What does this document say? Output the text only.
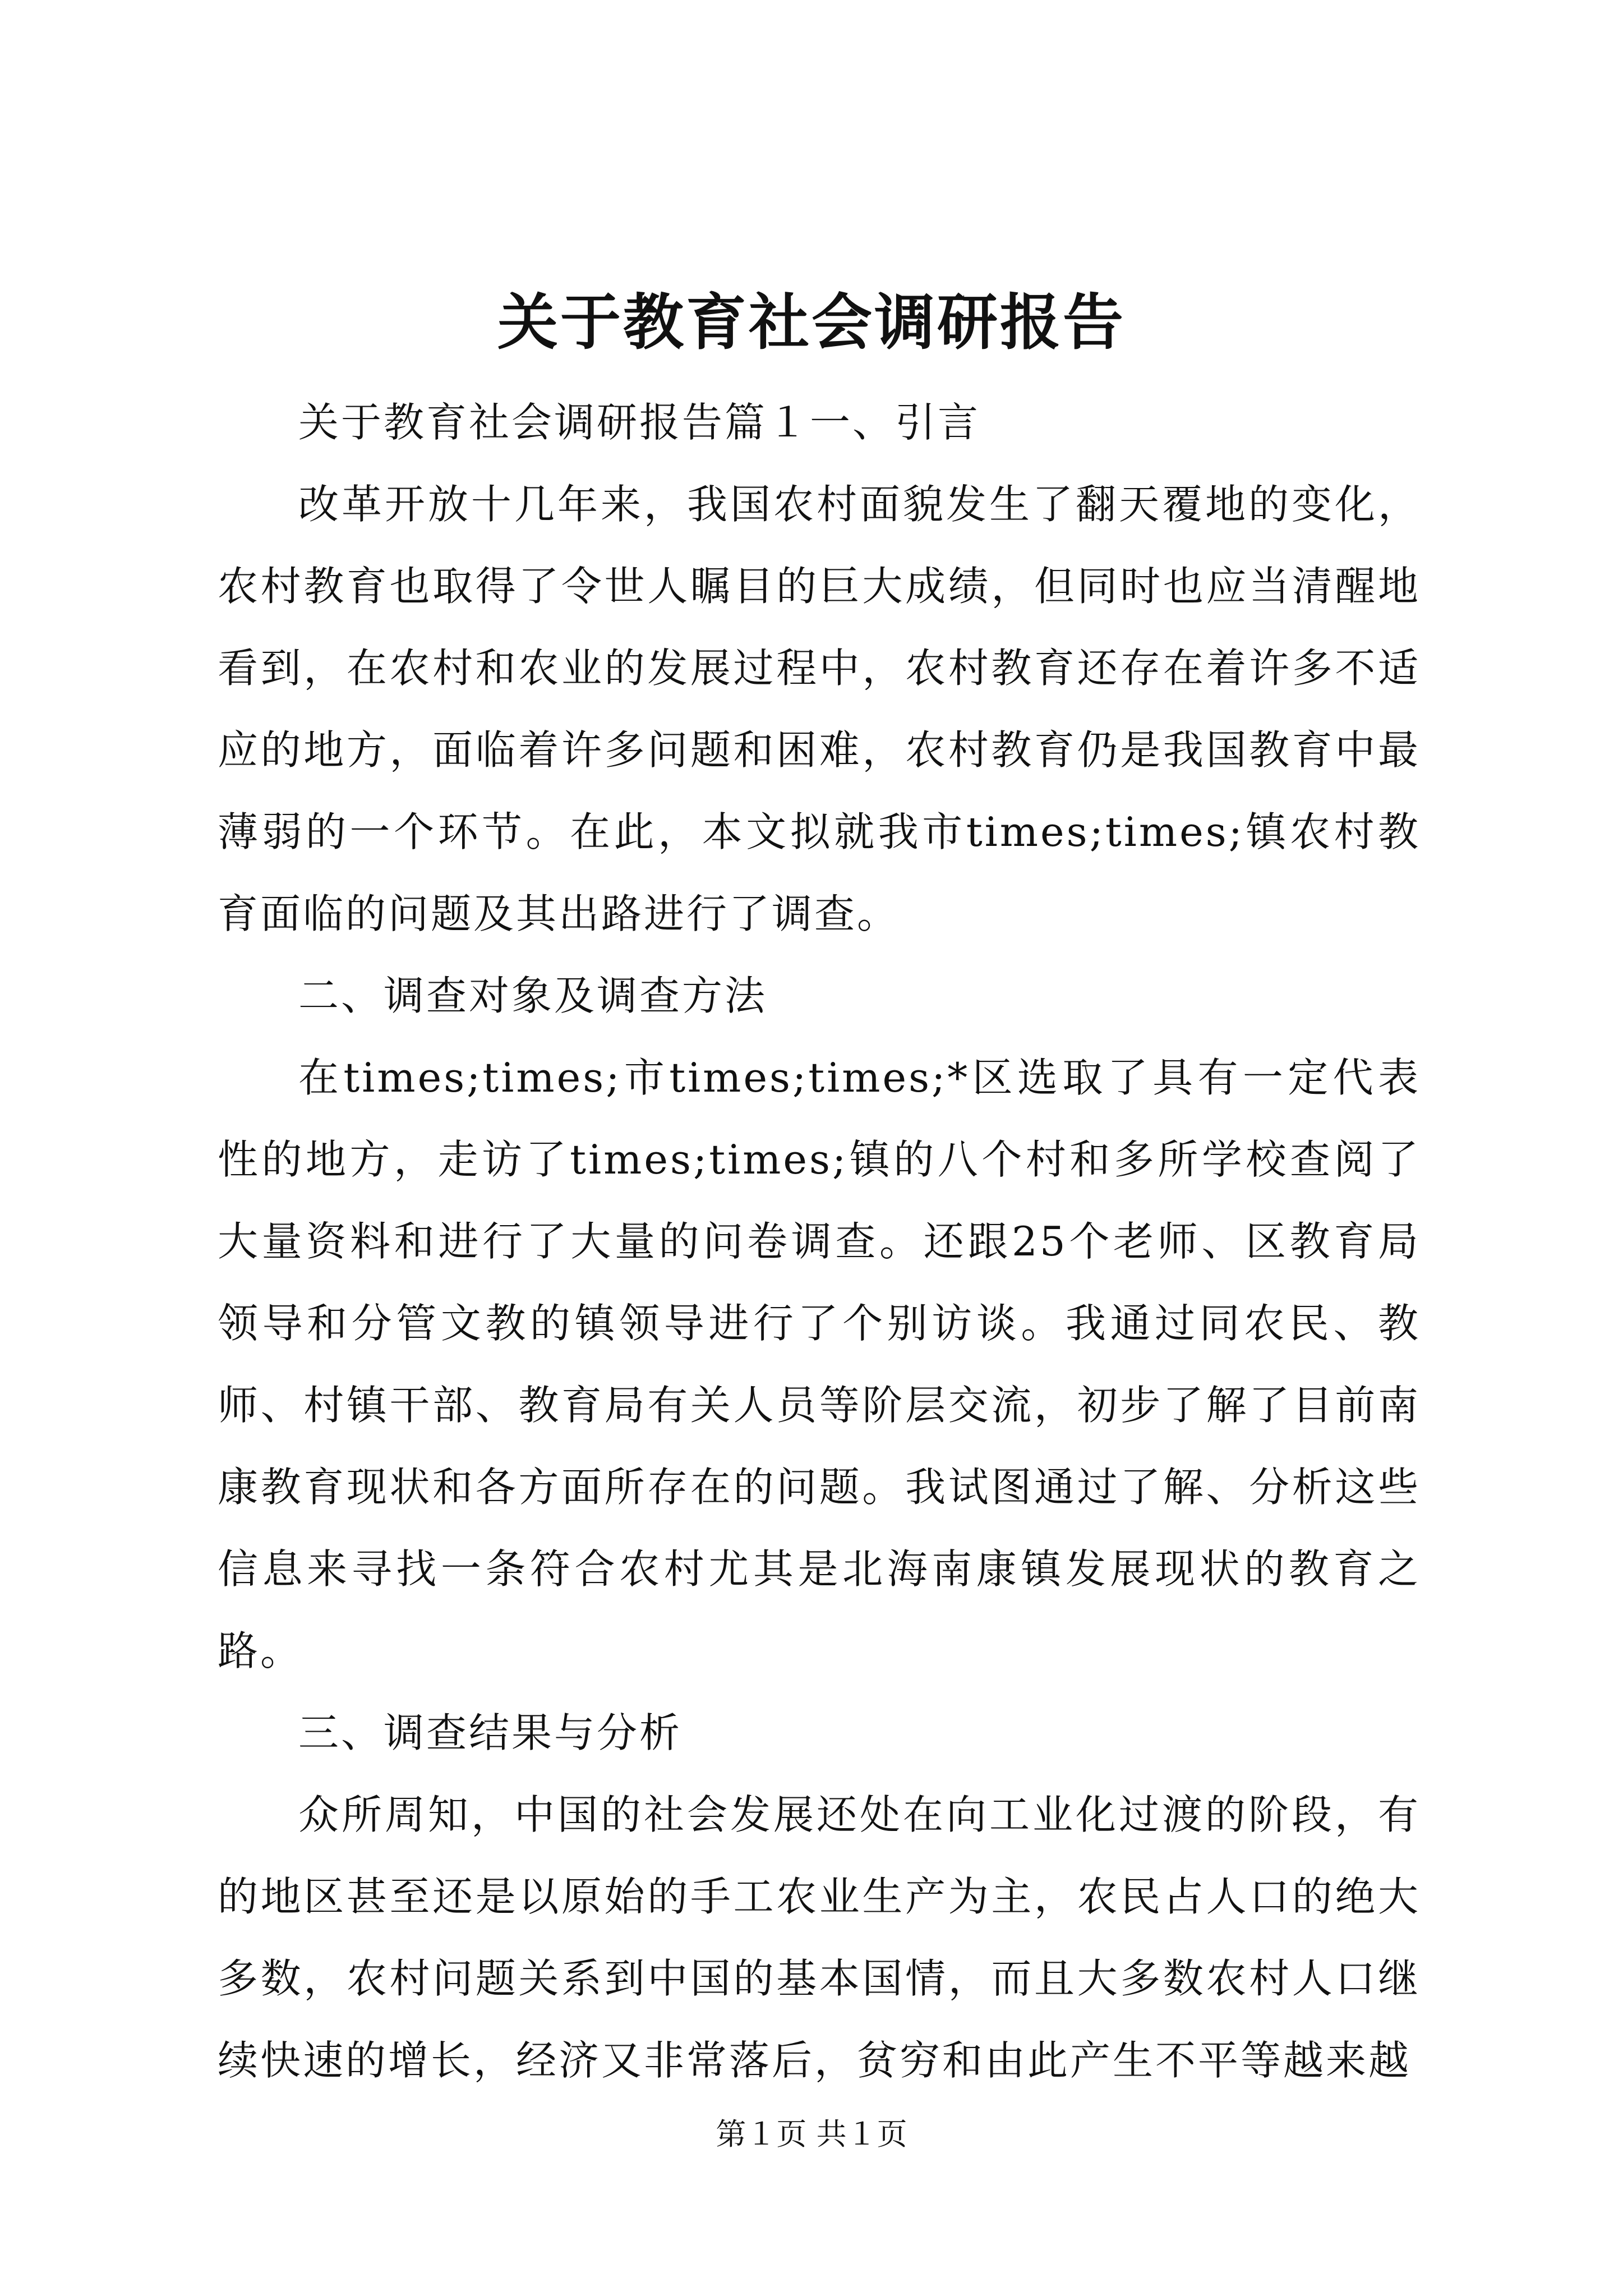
关于教育社会调研报告

关于教育社会调研报告篇１一、引言

改革开放十几年来，我国农村面貌发生了翻天覆地的变化，农村教育也取得了令世人瞩目的巨大成绩，但同时也应当清醒地看到，在农村和农业的发展过程中，农村教育还存在着许多不适应的地方，面临着许多问题和困难，农村教育仍是我国教育中最薄弱的一个环节。在此，本文拟就我市times;times;镇农村教育面临的问题及其出路进行了调查。

二、调查对象及调查方法

在times;times;市times;times;*区选取了具有一定代表性的地方，走访了times;times;镇的八个村和多所学校查阅了大量资料和进行了大量的问卷调查。还跟25个老师、区教育局领导和分管文教的镇领导进行了个别访谈。我通过同农民、教师、村镇干部、教育局有关人员等阶层交流，初步了解了目前南康教育现状和各方面所存在的问题。我试图通过了解、分析这些信息来寻找一条符合农村尤其是北海南康镇发展现状的教育之路。

三、调查结果与分析

众所周知，中国的社会发展还处在向工业化过渡的阶段，有的地区甚至还是以原始的手工农业生产为主，农民占人口的绝大多数，农村问题关系到中国的基本国情，而且大多数农村人口继续快速的增长，经济又非常落后，贫穷和由此产生不平等越来越

第１页 共１页
